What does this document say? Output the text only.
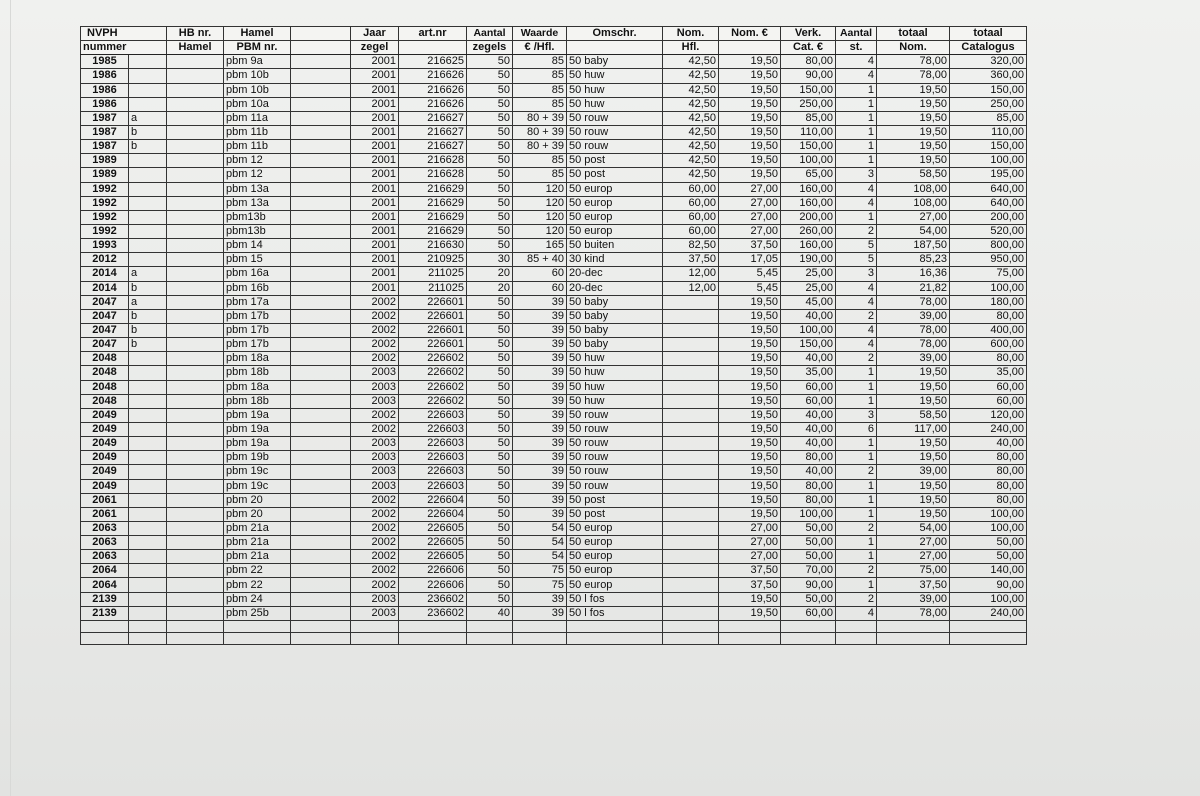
NVPH		HB nr.	Hamel		Jaar	art.nr	Aantal	Waarde	Omschr.	Nom.	Nom. €	Verk.	Aantal	totaal	totaal
nummer		Hamel	PBM nr.		zegel		zegels	€ /Hfl.		Hfl.		Cat. €	st.	Nom.	Catalogus
1985			pbm 9a		2001	216625	50	85	50 baby	42,50	19,50	80,00	4	78,00	320,00
1986			pbm 10b		2001	216626	50	85	50 huw	42,50	19,50	90,00	4	78,00	360,00
1986			pbm 10b		2001	216626	50	85	50 huw	42,50	19,50	150,00	1	19,50	150,00
1986			pbm 10a		2001	216626	50	85	50 huw	42,50	19,50	250,00	1	19,50	250,00
1987	a		pbm 11a		2001	216627	50	80 + 39	50 rouw	42,50	19,50	85,00	1	19,50	85,00
1987	b		pbm 11b		2001	216627	50	80 + 39	50 rouw	42,50	19,50	110,00	1	19,50	110,00
1987	b		pbm 11b		2001	216627	50	80 + 39	50 rouw	42,50	19,50	150,00	1	19,50	150,00
1989			pbm 12		2001	216628	50	85	50 post	42,50	19,50	100,00	1	19,50	100,00
1989			pbm 12		2001	216628	50	85	50 post	42,50	19,50	65,00	3	58,50	195,00
1992			pbm 13a		2001	216629	50	120	50 europ	60,00	27,00	160,00	4	108,00	640,00
1992			pbm 13a		2001	216629	50	120	50 europ	60,00	27,00	160,00	4	108,00	640,00
1992			pbm13b		2001	216629	50	120	50 europ	60,00	27,00	200,00	1	27,00	200,00
1992			pbm13b		2001	216629	50	120	50 europ	60,00	27,00	260,00	2	54,00	520,00
1993			pbm 14		2001	216630	50	165	50 buiten	82,50	37,50	160,00	5	187,50	800,00
2012			pbm 15		2001	210925	30	85 + 40	30 kind	37,50	17,05	190,00	5	85,23	950,00
2014	a		pbm 16a		2001	211025	20	60	20-dec	12,00	5,45	25,00	3	16,36	75,00
2014	b		pbm 16b		2001	211025	20	60	20-dec	12,00	5,45	25,00	4	21,82	100,00
2047	a		pbm 17a		2002	226601	50	39	50 baby		19,50	45,00	4	78,00	180,00
2047	b		pbm 17b		2002	226601	50	39	50 baby		19,50	40,00	2	39,00	80,00
2047	b		pbm 17b		2002	226601	50	39	50 baby		19,50	100,00	4	78,00	400,00
2047	b		pbm 17b		2002	226601	50	39	50 baby		19,50	150,00	4	78,00	600,00
2048			pbm 18a		2002	226602	50	39	50 huw		19,50	40,00	2	39,00	80,00
2048			pbm 18b		2003	226602	50	39	50 huw		19,50	35,00	1	19,50	35,00
2048			pbm 18a		2003	226602	50	39	50 huw		19,50	60,00	1	19,50	60,00
2048			pbm 18b		2003	226602	50	39	50 huw		19,50	60,00	1	19,50	60,00
2049			pbm 19a		2002	226603	50	39	50 rouw		19,50	40,00	3	58,50	120,00
2049			pbm 19a		2002	226603	50	39	50 rouw		19,50	40,00	6	117,00	240,00
2049			pbm 19a		2003	226603	50	39	50 rouw		19,50	40,00	1	19,50	40,00
2049			pbm 19b		2003	226603	50	39	50 rouw		19,50	80,00	1	19,50	80,00
2049			pbm 19c		2003	226603	50	39	50 rouw		19,50	40,00	2	39,00	80,00
2049			pbm 19c		2003	226603	50	39	50 rouw		19,50	80,00	1	19,50	80,00
2061			pbm 20		2002	226604	50	39	50 post		19,50	80,00	1	19,50	80,00
2061			pbm 20		2002	226604	50	39	50 post		19,50	100,00	1	19,50	100,00
2063			pbm 21a		2002	226605	50	54	50 europ		27,00	50,00	2	54,00	100,00
2063			pbm 21a		2002	226605	50	54	50 europ		27,00	50,00	1	27,00	50,00
2063			pbm 21a		2002	226605	50	54	50 europ		27,00	50,00	1	27,00	50,00
2064			pbm 22		2002	226606	50	75	50 europ		37,50	70,00	2	75,00	140,00
2064			pbm 22		2002	226606	50	75	50 europ		37,50	90,00	1	37,50	90,00
2139			pbm 24		2003	236602	50	39	50 l fos		19,50	50,00	2	39,00	100,00
2139			pbm 25b		2003	236602	40	39	50 l fos		19,50	60,00	4	78,00	240,00
